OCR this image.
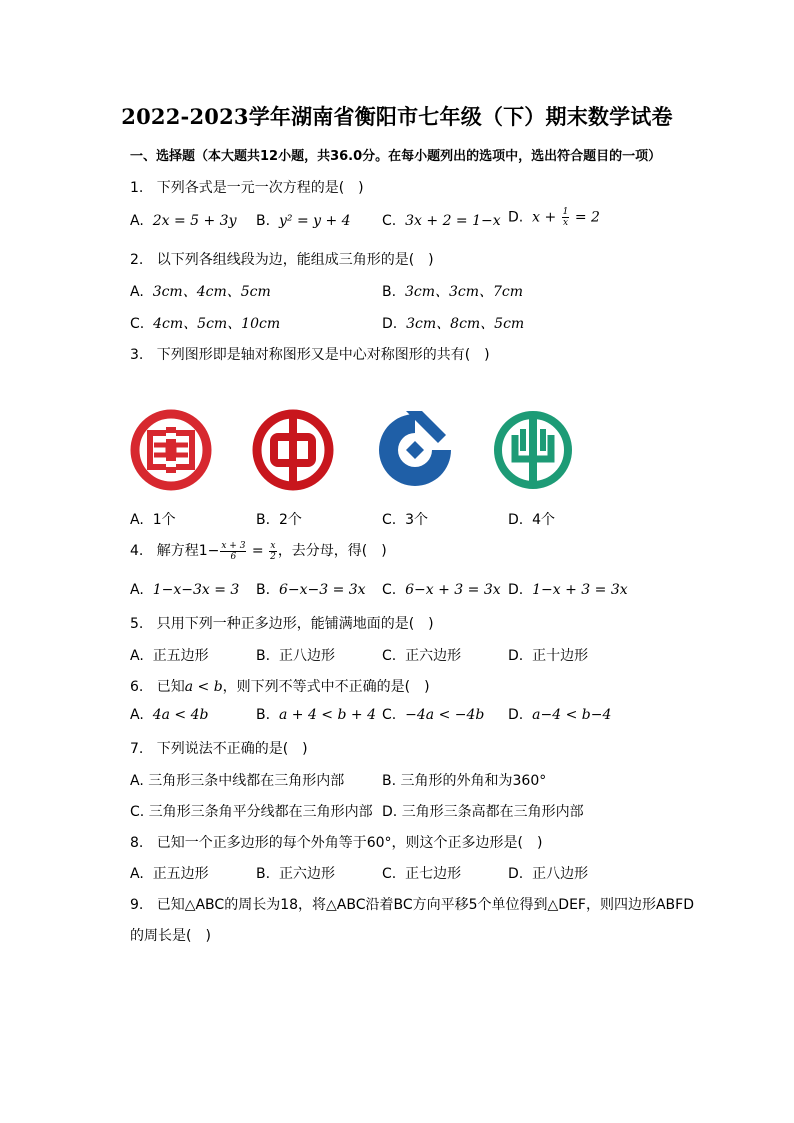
2022-2023学年湖南省衡阳市七年级（下）期末数学试卷
一、选择题（本大题共12小题，共36.0分。在每小题列出的选项中，选出符合题目的一项）
1. 下列各式是一元一次方程的是(　)
A. 2x = 5 + 3y B. y² = y + 4 C. 3x + 2 = 1−x D. $x + \frac{1}{x} = 2$
2. 以下列各组线段为边，能组成三角形的是(　)
A. 3cm、4cm、5cm	B. 3cm、3cm、7cm
C. 4cm、5cm、10cm	D. 3cm、8cm、5cm
3. 下列图形即是轴对称图形又是中心对称图形的共有(　)
A. 1个	B. 2个	C. 3个	D. 4个
4. 解方程$1- \frac{x + 3}{6} = \frac{x}{2}$ ，去分母，得(　)
A. 1−x−3x = 3 B. 6−x−3 = 3x C. 6−x + 3 = 3x D. 1−x + 3 = 3x
5. 只用下列一种正多边形，能铺满地面的是(　)
A. 正五边形	B. 正八边形	C. 正六边形	D. 正十边形
6. 已知a < b，则下列不等式中不正确的是(　)
A. 4a < 4b	B. a + 4 < b + 4 C. −4a < −4b D. a−4 < b−4
7. 下列说法不正确的是(　)
A. 三角形三条中线都在三角形内部	B. 三角形的外角和为360°
C. 三角形三条角平分线都在三角形内部 D. 三角形三条高都在三角形内部
8. 已知一个正多边形的每个外角等于60°，则这个正多边形是(　)
A. 正五边形	B. 正六边形	C. 正七边形	D. 正八边形
9. 已知△ABC的周长为18，将△ABC沿着BC方向平移5个单位得到△DEF，则四边形ABFD
的周长是(　)
